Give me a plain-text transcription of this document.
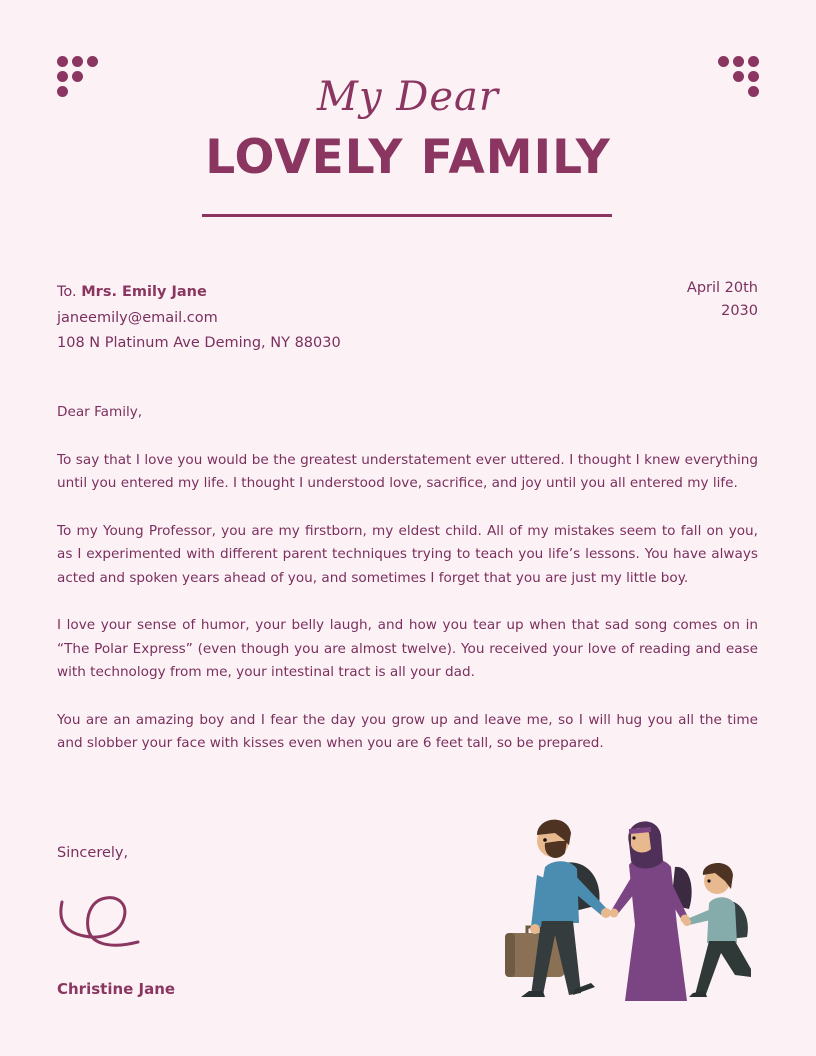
My Dear
LOVELY FAMILY
To. Mrs. Emily Jane
janeemily@email.com
108 N Platinum Ave Deming, NY 88030
April 20th
2030

Dear Family,

To say that I love you would be the greatest understatement ever uttered. I thought I knew everything until you entered my life. I thought I understood love, sacrifice, and joy until you all entered my life.

To my Young Professor, you are my firstborn, my eldest child. All of my mistakes seem to fall on you, as I experimented with different parent techniques trying to teach you life’s lessons. You have always acted and spoken years ahead of you, and sometimes I forget that you are just my little boy.

I love your sense of humor, your belly laugh, and how you tear up when that sad song comes on in “The Polar Express” (even though you are almost twelve). You received your love of reading and ease with technology from me, your intestinal tract is all your dad.

You are an amazing boy and I fear the day you grow up and leave me, so I will hug you all the time and slobber your face with kisses even when you are 6 feet tall, so be prepared.

Sincerely,
Christine Jane
